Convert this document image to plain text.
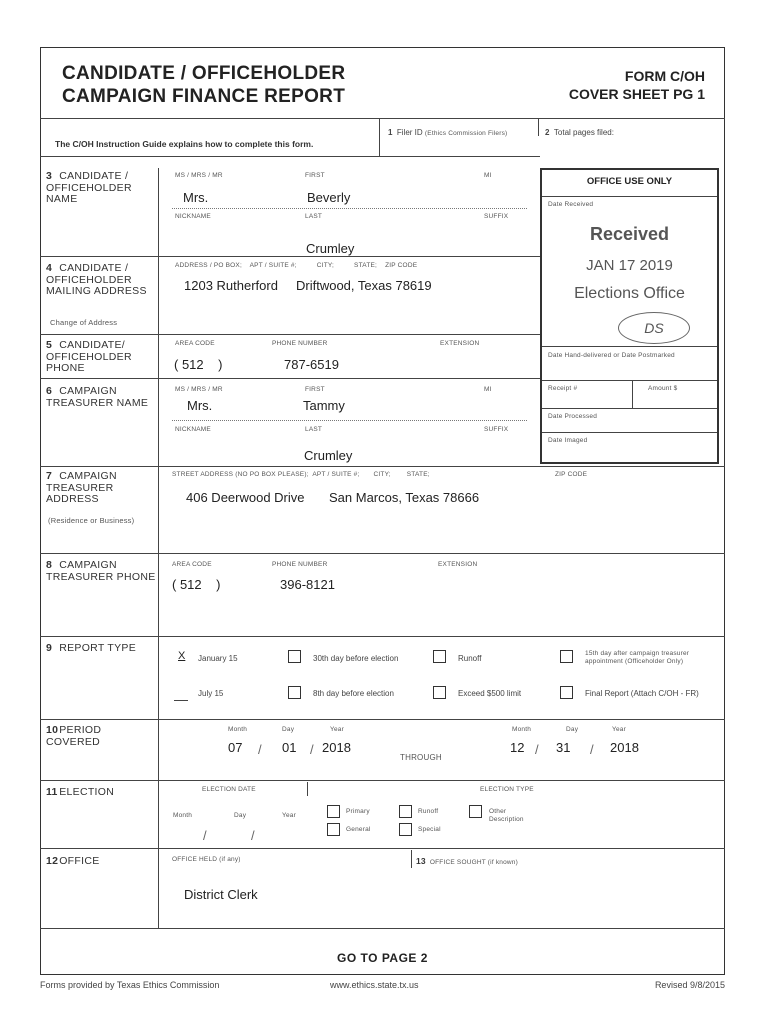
CANDIDATE / OFFICEHOLDER
CAMPAIGN FINANCE REPORT
FORM C/OH
COVER SHEET PG 1
The C/OH Instruction Guide explains how to complete this form.
1 Filer ID (Ethics Commission Filers)	2 Total pages filed:
3 CANDIDATE / OFFICEHOLDER NAME
MS / MRS / MR	FIRST	MI
Mrs.	Beverly
NICKNAME	LAST	SUFFIX
Crumley
4 CANDIDATE / OFFICEHOLDER MAILING ADDRESS
Change of Address
ADDRESS / PO BOX;    APT / SUITE #;          CITY;          STATE;    ZIP CODE
1203 Rutherford Driftwood, Texas 78619
5 CANDIDATE/ OFFICEHOLDER PHONE
AREA CODE	PHONE NUMBER	EXTENSION
( 512    )	787-6519
6 CAMPAIGN TREASURER NAME
MS / MRS / MR	FIRST	MI
Mrs.	Tammy
NICKNAME	LAST	SUFFIX
Crumley
OFFICE USE ONLY
Date Received
Received
JAN 17 2019
Elections Office
DS
Date Hand-delivered or Date Postmarked
Receipt #	Amount $
Date Processed
Date Imaged
7 CAMPAIGN TREASURER ADDRESS
(Residence or Business)
STREET ADDRESS (NO PO BOX PLEASE);  APT / SUITE #;       CITY;        STATE;	ZIP CODE
406 Deerwood Drive San Marcos, Texas 78666
8 CAMPAIGN TREASURER PHONE
AREA CODE	PHONE NUMBER	EXTENSION
( 512    )	396-8121
9 REPORT TYPE
X January 15	30th day before election	Runoff
15th day after campaign treasurer appointment (Officeholder Only)
July 15	8th day before election	Exceed $500 limit	Final Report (Attach C/OH - FR)
10 PERIOD COVERED
Month	Day	Year
07 / 01 / 2018
THROUGH
Month	Day	Year
12 / 31 / 2018
11 ELECTION	ELECTION DATE
Month	Day	Year
/	/
ELECTION TYPE
Primary	Runoff	Other
Description
General	Special
12 OFFICE	OFFICE HELD (if any)
District Clerk
13 OFFICE SOUGHT (if known)
GO TO PAGE 2
Forms provided by Texas Ethics Commission	www.ethics.state.tx.us	Revised 9/8/2015
